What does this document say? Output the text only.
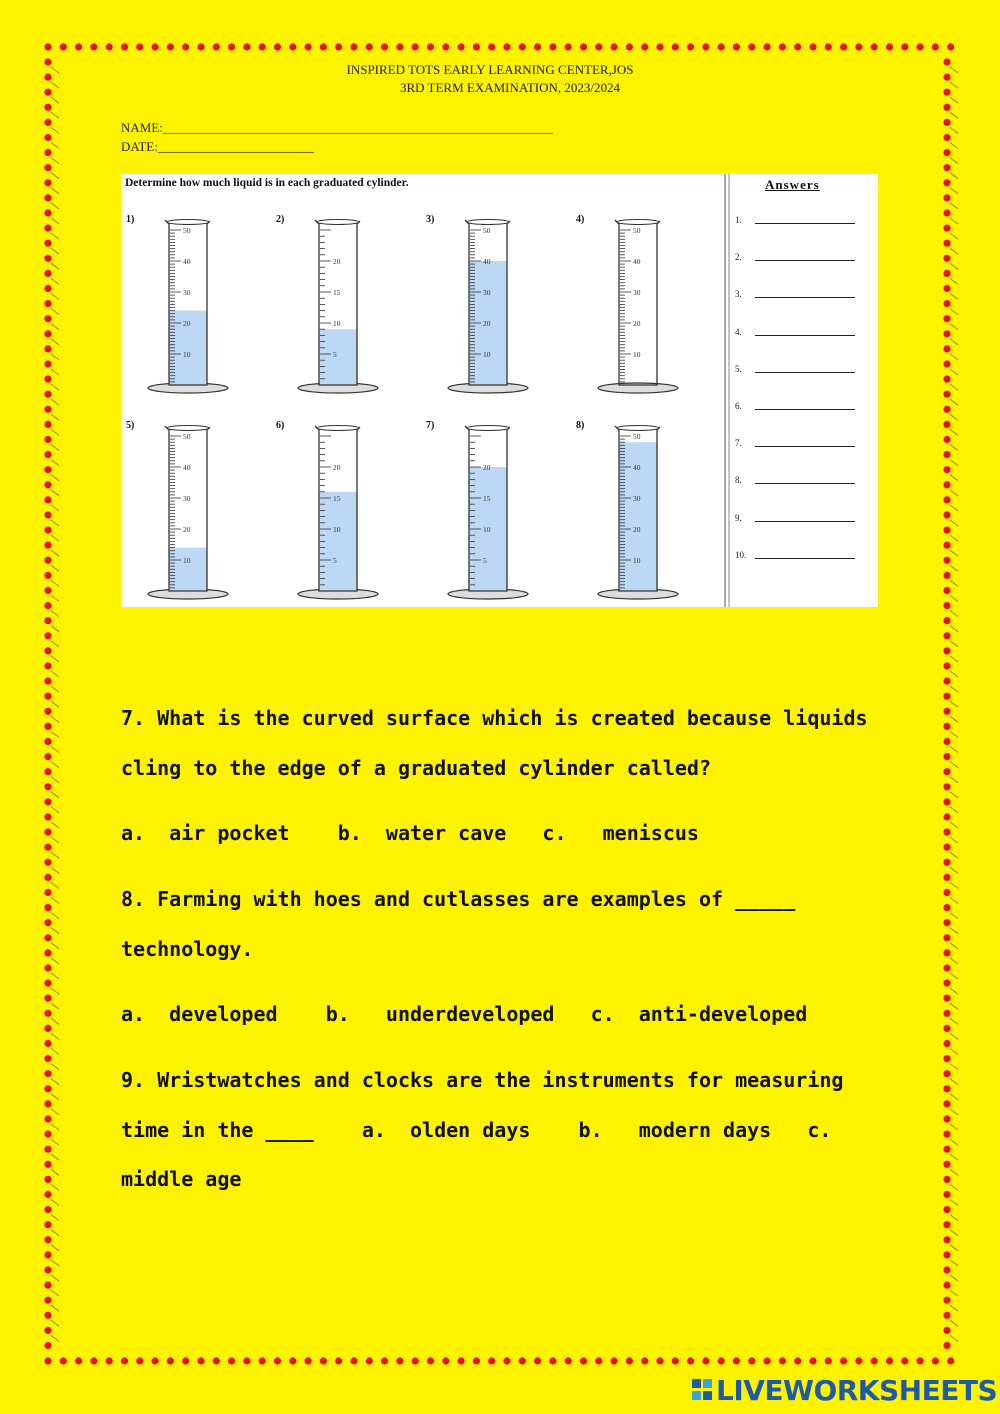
INSPIRED TOTS EARLY LEARNING CENTER,JOS
3RD TERM EXAMINATION, 2023/2024
NAME:____________________________________________________________
DATE:________________________
Determine how much liquid is in each graduated cylinder.
50
40
30
20
10
20
15
10
5
50
40
30
20
10
50
40
30
20
10
50
40
30
20
10
20
15
10
5
20
15
10
5
50
40
30
20
10
1)	2)	3)	4)
5)	6)	7)	8)
Answers
1.
2.
3.
4.
5.
6.
7.
8.
9.
10.
7. What is the curved surface which is created because liquids
cling to the edge of a graduated cylinder called?
a.  air pocket    b.  water cave   c.   meniscus
8. Farming with hoes and cutlasses are examples of _____
technology.
a.  developed    b.   underdeveloped   c.  anti-developed
9. Wristwatches and clocks are the instruments for measuring
time in the ____    a.  olden days    b.   modern days   c.
middle age
LIVEWORKSHEETS
